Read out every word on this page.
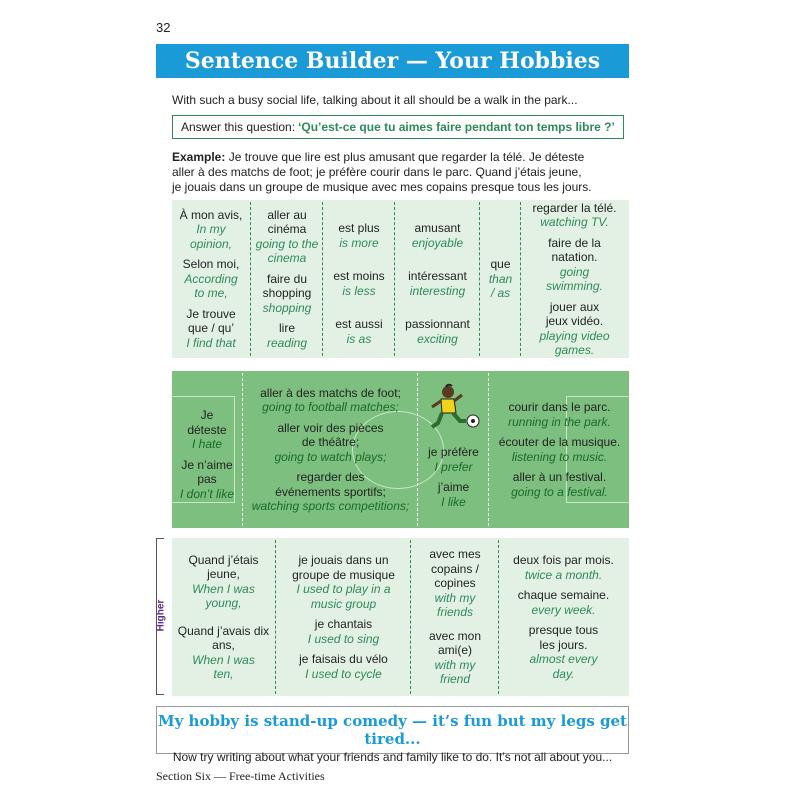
32
Sentence Builder — Your Hobbies
With such a busy social life, talking about it all should be a walk in the park...
Answer this question: ‘Qu’est-ce que tu aimes faire pendant ton temps libre ?’
Example: Je trouve que lire est plus amusant que regarder la télé. Je déteste
aller à des matchs de foot; je préfère courir dans le parc. Quand j’étais jeune,
je jouais dans un groupe de musique avec mes copains presque tous les jours.
À mon avis,
In my opinion,
Selon moi,
According to me,
Je trouve que / qu’
I find that
aller au cinéma
going to the cinema
faire du shopping
shopping
lire
reading
est plus
is more
est moins
is less
est aussi
is as
amusant
enjoyable
intéressant
interesting
passionnant
exciting
que
than / as
regarder la télé.
watching TV.
faire de la natation.
going swimming.
jouer aux jeux vidéo.
playing video games.
Je déteste
I hate
Je n’aime pas
I don’t like
aller à des matchs de foot;
going to football matches;
aller voir des pièces de théâtre;
going to watch plays;
regarder des événements sportifs;
watching sports competitions;
je préfère
I prefer
j’aime
I like
courir dans le parc.
running in the park.
écouter de la musique.
listening to music.
aller à un festival.
going to a festival.
Higher
Quand j’étais jeune,
When I was young,
Quand j’avais dix ans,
When I was ten,
je jouais dans un groupe de musique
I used to play in a music group
je chantais
I used to sing
je faisais du vélo
I used to cycle
avec mes copains / copines
with my friends
avec mon ami(e)
with my friend
deux fois par mois.
twice a month.
chaque semaine.
every week.
presque tous les jours.
almost every day.
My hobby is stand-up comedy — it’s fun but my legs get tired...
Now try writing about what your friends and family like to do. It’s not all about you...
Section Six — Free-time Activities
